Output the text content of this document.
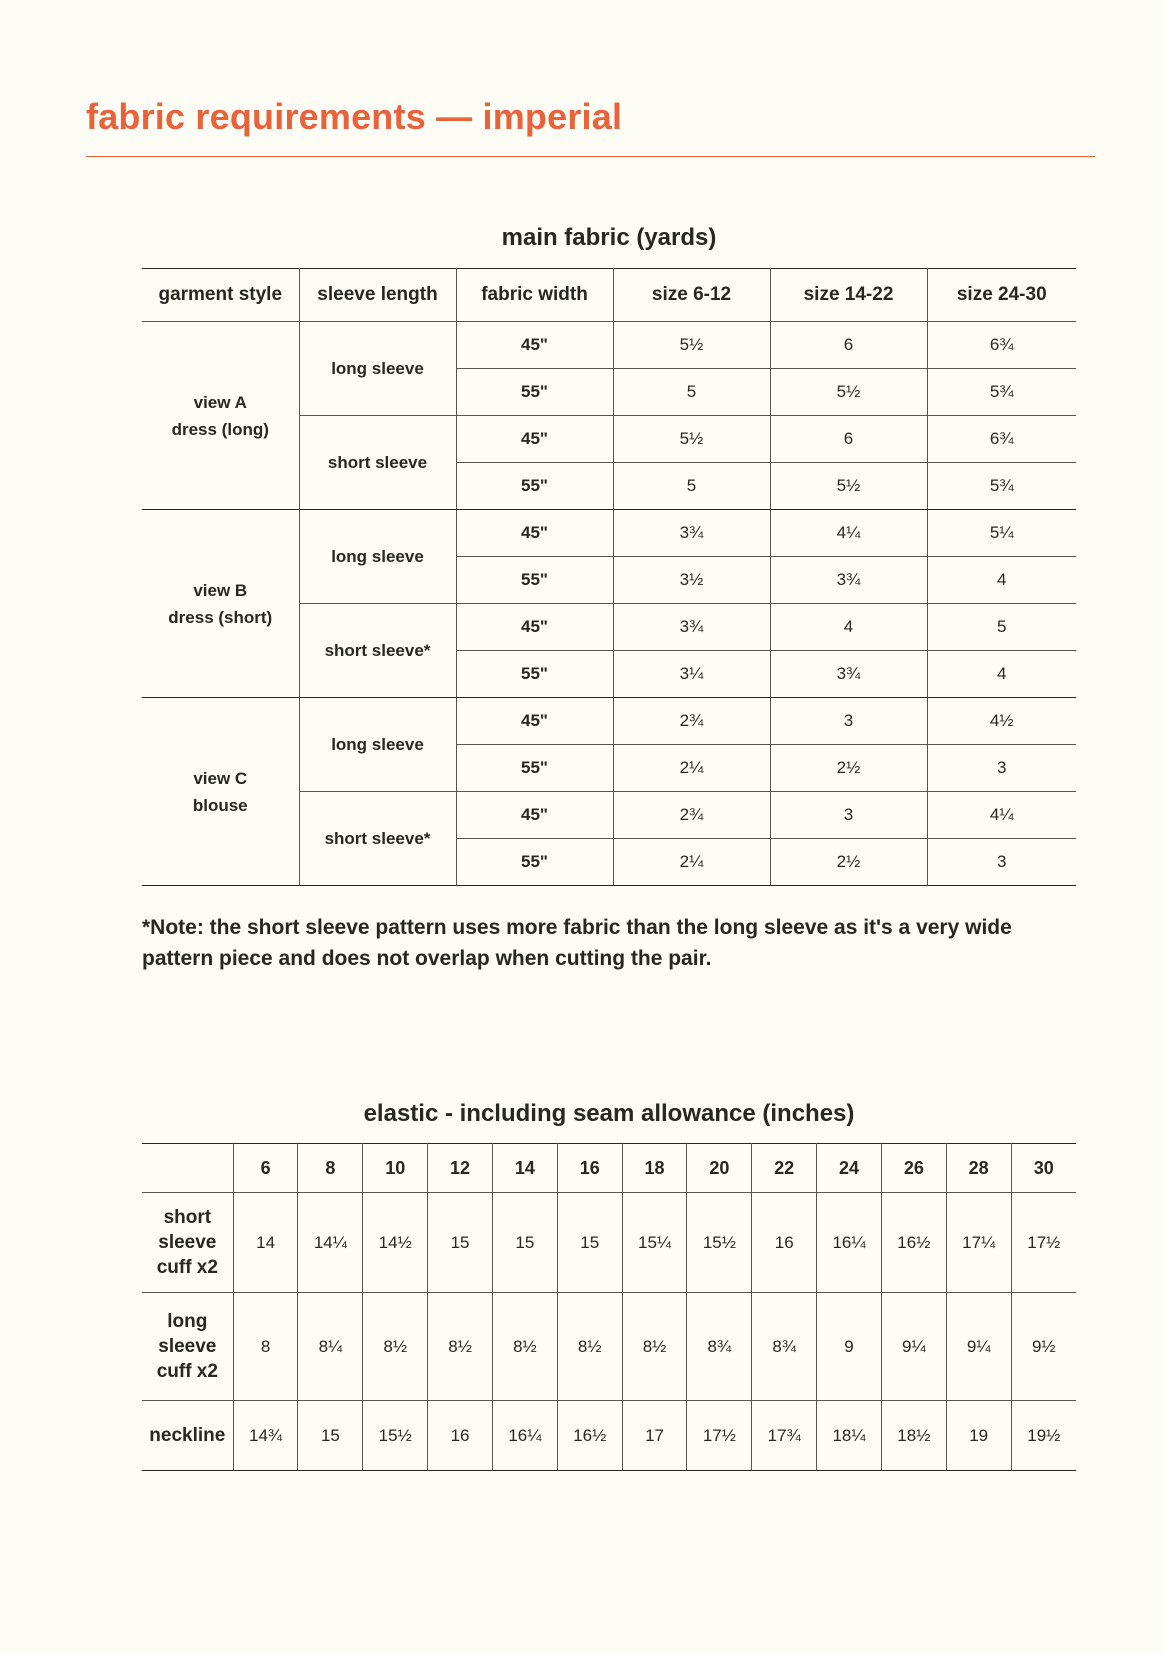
fabric requirements — imperial
main fabric (yards)
garment style	sleeve length	fabric width	size 6-12	size 14-22	size 24-30

view A
dress (long)	long sleeve	45"	5½	6	6¾
		55"	5	5½	5¾
	short sleeve	45"	5½	6	6¾
		55"	5	5½	5¾

view B
dress (short)	long sleeve	45"	3¾	4¼	5¼
		55"	3½	3¾	4
	short sleeve*	45"	3¾	4	5
		55"	3¼	3¾	4

view C
blouse	long sleeve	45"	2¾	3	4½
		55"	2¼	2½	3
	short sleeve*	45"	2¾	3	4¼
		55"	2¼	2½	3

*Note: the short sleeve pattern uses more fabric than the long sleeve as it's a very wide pattern piece and does not overlap when cutting the pair.

elastic - including seam allowance (inches)
	6	8	10	12	14	16	18	20	22	24	26	28	30

short
sleeve
cuff x2	14	14¼	14½	15	15	15	15¼	15½	16	16¼	16½	17¼	17½

long
sleeve
cuff x2	8	8¼	8½	8½	8½	8½	8½	8¾	8¾	9	9¼	9¼	9½

neckline	14¾	15	15½	16	16¼	16½	17	17½	17¾	18¼	18½	19	19½
